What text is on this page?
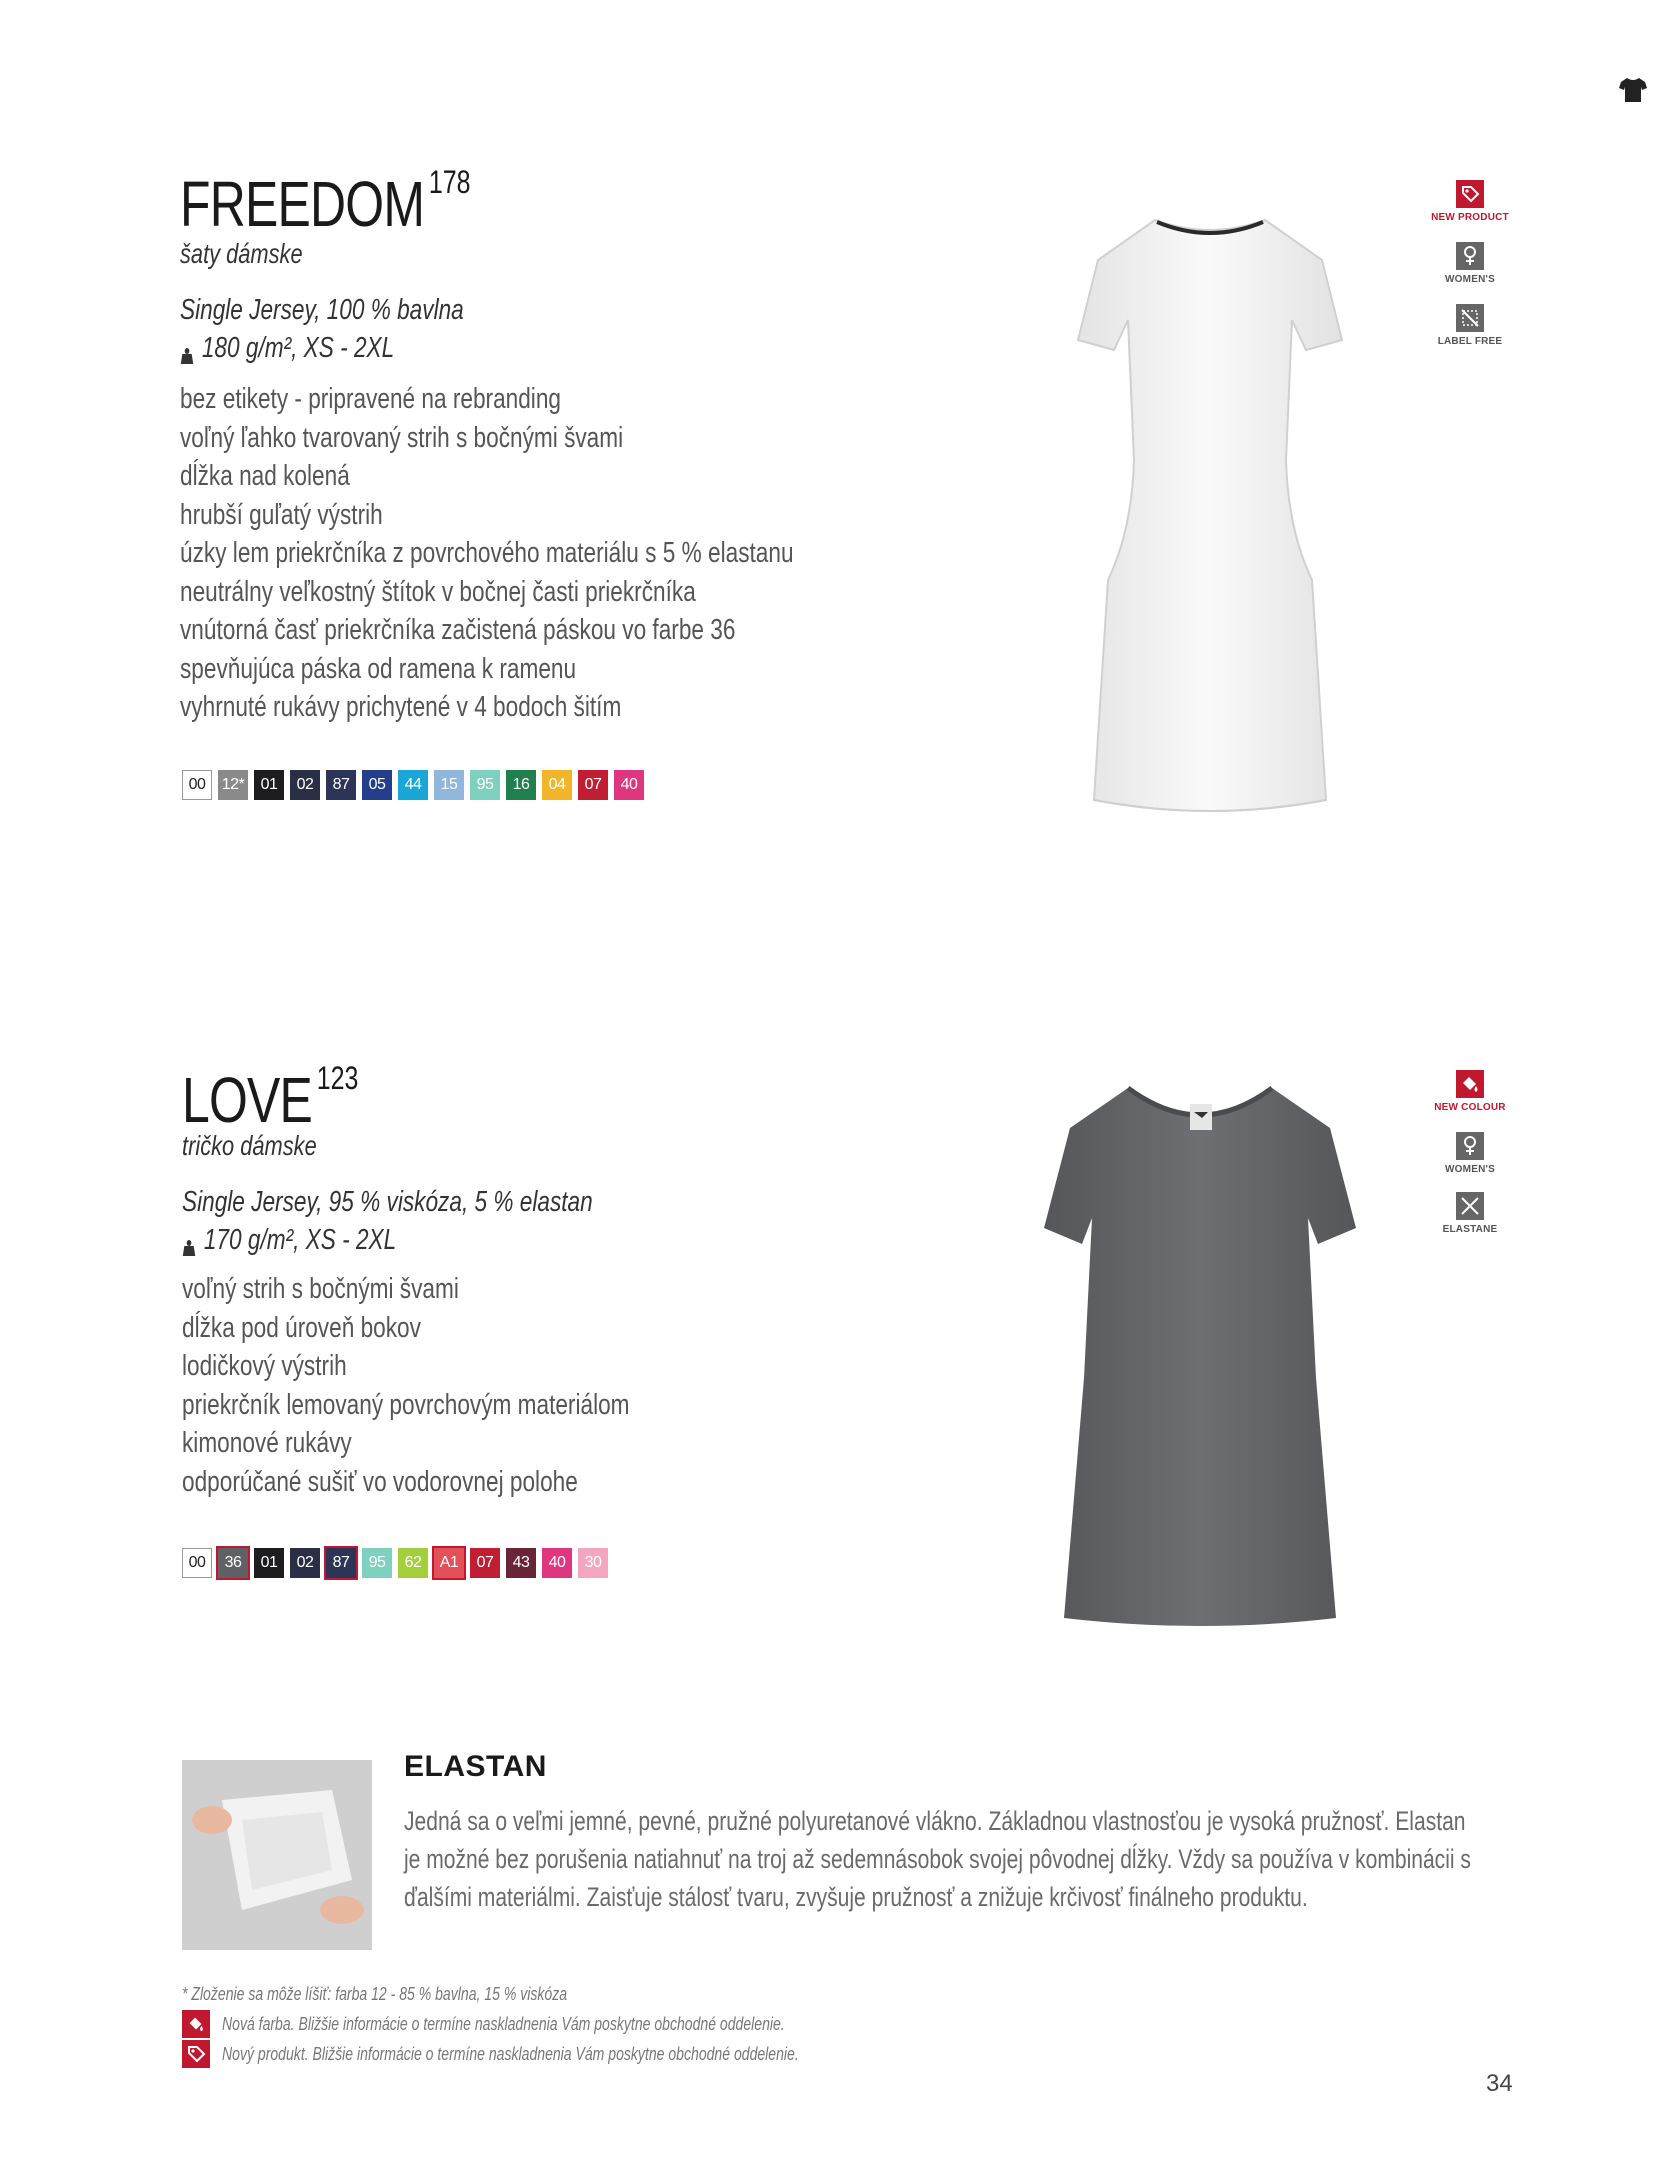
FREEDOM $^{178}$
šaty dámske
Single Jersey, 100 % bavlna
180 g/m², XS - 2XL
bez etikety - pripravené na rebranding
voľný ľahko tvarovaný strih s bočnými švami
dĺžka nad kolená
hrubší guľatý výstrih
úzky lem priekrčníka z povrchového materiálu s 5 % elastanu
neutrálny veľkostný štítok v bočnej časti priekrčníka
vnútorná časť priekrčníka začistená páskou vo farbe 36
spevňujúca páska od ramena k ramenu
vyhrnuté rukávy prichytené v 4 bodoch šitím
00	12*	01	02	87	05	44	15	95	16	04	07	40
NEW PRODUCT
WOMEN'S
LABEL FREE
LOVE $^{123}$
tričko dámske
Single Jersey, 95 % viskóza, 5 % elastan
170 g/m², XS - 2XL
voľný strih s bočnými švami
dĺžka pod úroveň bokov
lodičkový výstrih
priekrčník lemovaný povrchovým materiálom
kimonové rukávy
odporúčané sušiť vo vodorovnej polohe
00	36	01	02	87	95	62	A1	07	43	40	30
NEW COLOUR
WOMEN'S
ELASTANE
ELASTAN
Jedná sa o veľmi jemné, pevné, pružné polyuretanové vlákno. Základnou vlastnosťou je vysoká pružnosť. Elastan
je možné bez porušenia natiahnuť na troj až sedemnásobok svojej pôvodnej dĺžky. Vždy sa používa v kombinácii s
ďalšími materiálmi. Zaisťuje stálosť tvaru, zvyšuje pružnosť a znižuje krčivosť finálneho produktu.
* Zloženie sa môže líšiť: farba 12 - 85 % bavlna, 15 % viskóza
Nová farba. Bližšie informácie o termíne naskladnenia Vám poskytne obchodné oddelenie.
Nový produkt. Bližšie informácie o termíne naskladnenia Vám poskytne obchodné oddelenie.
34
